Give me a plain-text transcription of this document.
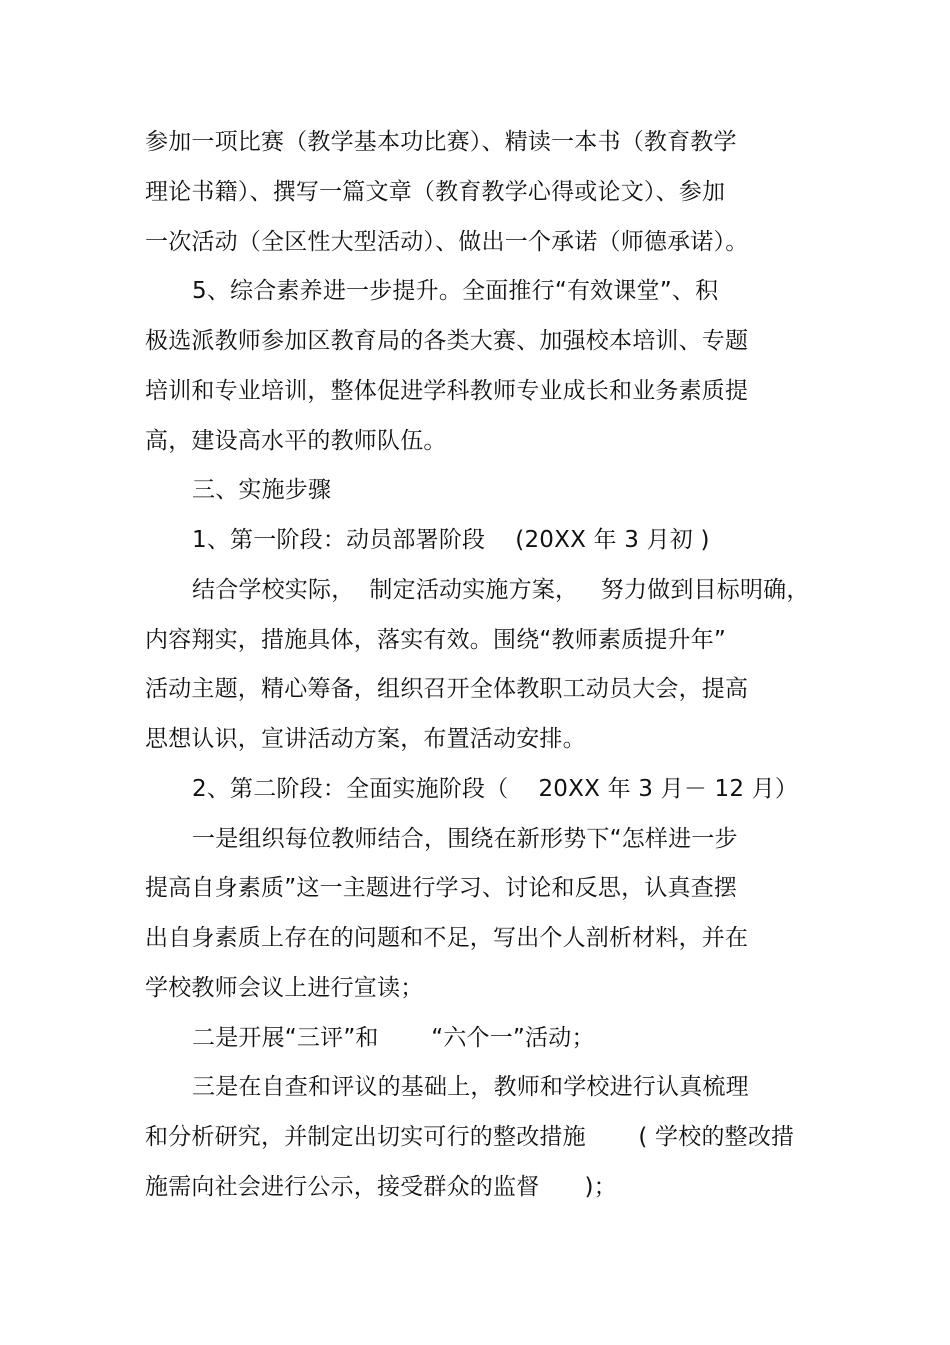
参加一项比赛（教学基本功比赛）、精读一本书（教育教学
理论书籍）、撰写一篇文章（教育教学心得或论文）、参加
一次活动（全区性大型活动）、做出一个承诺（师德承诺）。
5、综合素养进一步提升。全面推行“有效课堂”、积
极选派教师参加区教育局的各类大赛、加强校本培训、专题
培训和专业培训，整体促进学科教师专业成长和业务素质提
高，建设高水平的教师队伍。
三、实施步骤
1、第一阶段：动员部署阶段    (20XX 年 3 月初 )
结合学校实际，  制定活动实施方案，   努力做到目标明确，
内容翔实，措施具体，落实有效。围绕“教师素质提升年”
活动主题，精心筹备，组织召开全体教职工动员大会，提高
思想认识，宣讲活动方案，布置活动安排。
2、第二阶段：全面实施阶段（    20XX 年 3 月－ 12 月）
一是组织每位教师结合，围绕在新形势下“怎样进一步
提高自身素质”这一主题进行学习、讨论和反思，认真查摆
出自身素质上存在的问题和不足，写出个人剖析材料，并在
学校教师会议上进行宣读；
二是开展“三评”和       “六个一”活动；
三是在自查和评议的基础上，教师和学校进行认真梳理
和分析研究，并制定出切实可行的整改措施       ( 学校的整改措
施需向社会进行公示，接受群众的监督      )；
